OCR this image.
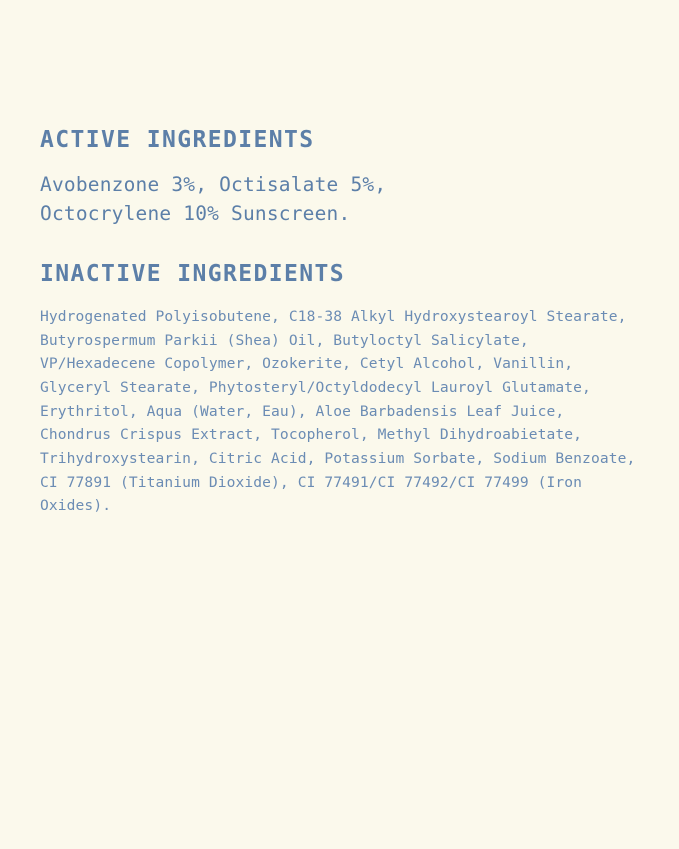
ACTIVE INGREDIENTS

Avobenzone 3%, Octisalate 5%, Octocrylene 10% Sunscreen.

INACTIVE INGREDIENTS

Hydrogenated Polyisobutene, C18-38 Alkyl Hydroxystearoyl Stearate, Butyrospermum Parkii (Shea) Oil, Butyloctyl Salicylate, VP/Hexadecene Copolymer, Ozokerite, Cetyl Alcohol, Vanillin, Glyceryl Stearate, Phytosteryl/Octyldodecyl Lauroyl Glutamate, Erythritol, Aqua (Water, Eau), Aloe Barbadensis Leaf Juice, Chondrus Crispus Extract, Tocopherol, Methyl Dihydroabietate, Trihydroxystearin, Citric Acid, Potassium Sorbate, Sodium Benzoate, CI 77891 (Titanium Dioxide), CI 77491/CI 77492/CI 77499 (Iron Oxides).
